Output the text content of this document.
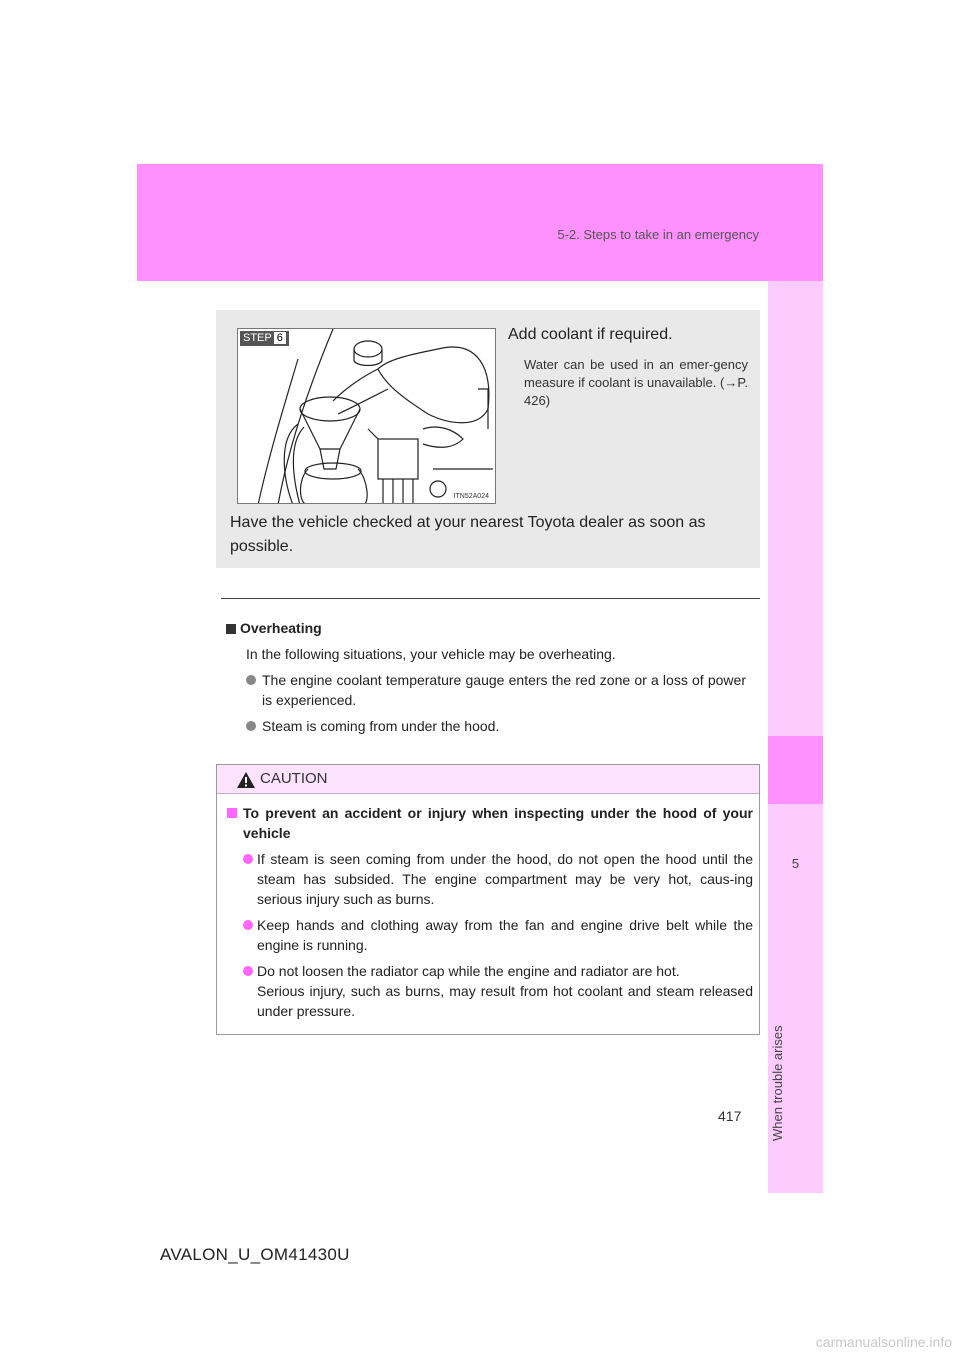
5-2. Steps to take in an emergency
5
When trouble arises
STEP 6
ITN52A024
Add coolant if required.
Water can be used in an emer-gency measure if coolant is unavailable. (→P. 426)
Have the vehicle checked at your nearest Toyota dealer as soon as possible.
Overheating
In the following situations, your vehicle may be overheating.
The engine coolant temperature gauge enters the red zone or a loss of power is experienced.
Steam is coming from under the hood.
CAUTION
To prevent an accident or injury when inspecting under the hood of your vehicle
If steam is seen coming from under the hood, do not open the hood until the steam has subsided. The engine compartment may be very hot, caus-ing serious injury such as burns.
Keep hands and clothing away from the fan and engine drive belt while the engine is running.

Do not loosen the radiator cap while the engine and radiator are hot.

Serious injury, such as burns, may result from hot coolant and steam released under pressure.

417
AVALON_U_OM41430U
carmanualsonline.info
